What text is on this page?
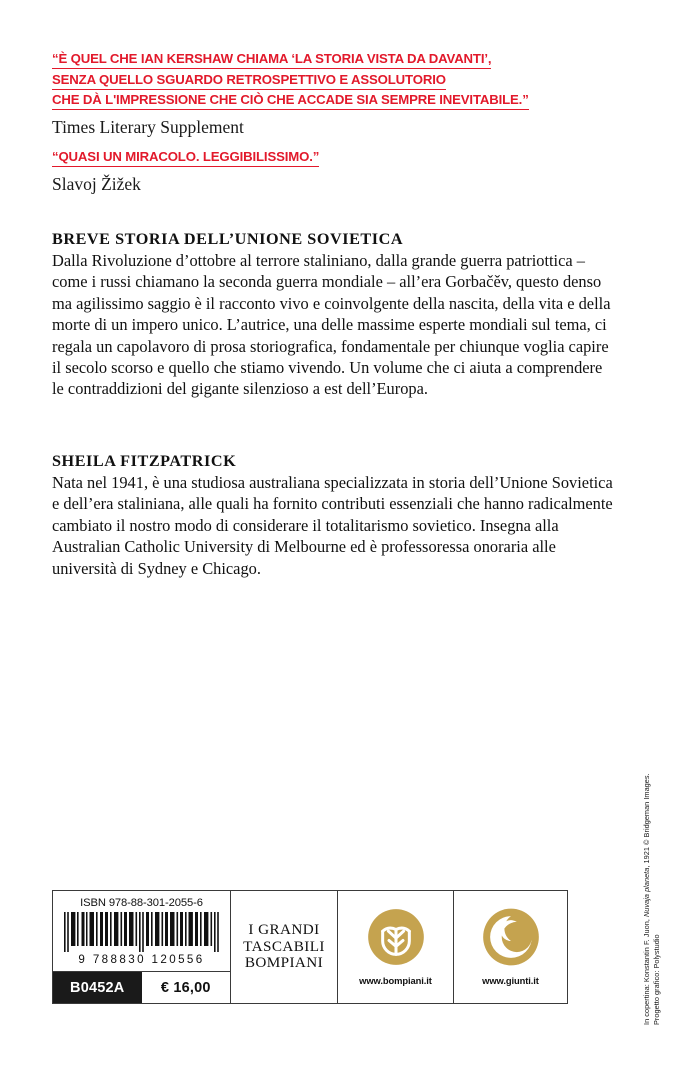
“È QUEL CHE IAN KERSHAW CHIAMA ‘LA STORIA VISTA DA DAVANTI’,
SENZA QUELLO SGUARDO RETROSPETTIVO E ASSOLUTORIO
CHE DÀ L'IMPRESSIONE CHE CIÒ CHE ACCADE SIA SEMPRE INEVITABILE.”
Times Literary Supplement
“QUASI UN MIRACOLO. LEGGIBILISSIMO.”
Slavoj Žižek
BREVE STORIA DELL’UNIONE SOVIETICA

Dalla Rivoluzione d’ottobre al terrore staliniano, dalla grande guerra patriottica – come i russi chiamano la seconda guerra mondiale – all’era Gorbačěv, questo denso ma agilissimo saggio è il racconto vivo e coinvolgente della nascita, della vita e della morte di un impero unico. L’autrice, una delle massime esperte mondiali sul tema, ci regala un capolavoro di prosa storiografica, fondamentale per chiunque voglia capire il secolo scorso e quello che stiamo vivendo. Un volume che ci aiuta a comprendere le contraddizioni del gigante silenzioso a est dell’Europa.

SHEILA FITZPATRICK

Nata nel 1941, è una studiosa australiana specializzata in storia dell’Unione Sovietica e dell’era staliniana, alle quali ha fornito contributi essenziali che hanno radicalmente cambiato il nostro modo di considerare il totalitarismo sovietico. Insegna alla Australian Catholic University di Melbourne ed è professoressa onoraria alle università di Sydney e Chicago.

ISBN 978-88-301-2055-6
9 788830 120556
B0452A	€ 16,00
I GRANDI
TASCABILI
BOMPIANI
www.bompiani.it	www.giunti.it	In copertina: Konstantin F. Juon, Nuvaja planeta, 1921 © Bridgeman Images.
Progetto grafico: Polystudio
